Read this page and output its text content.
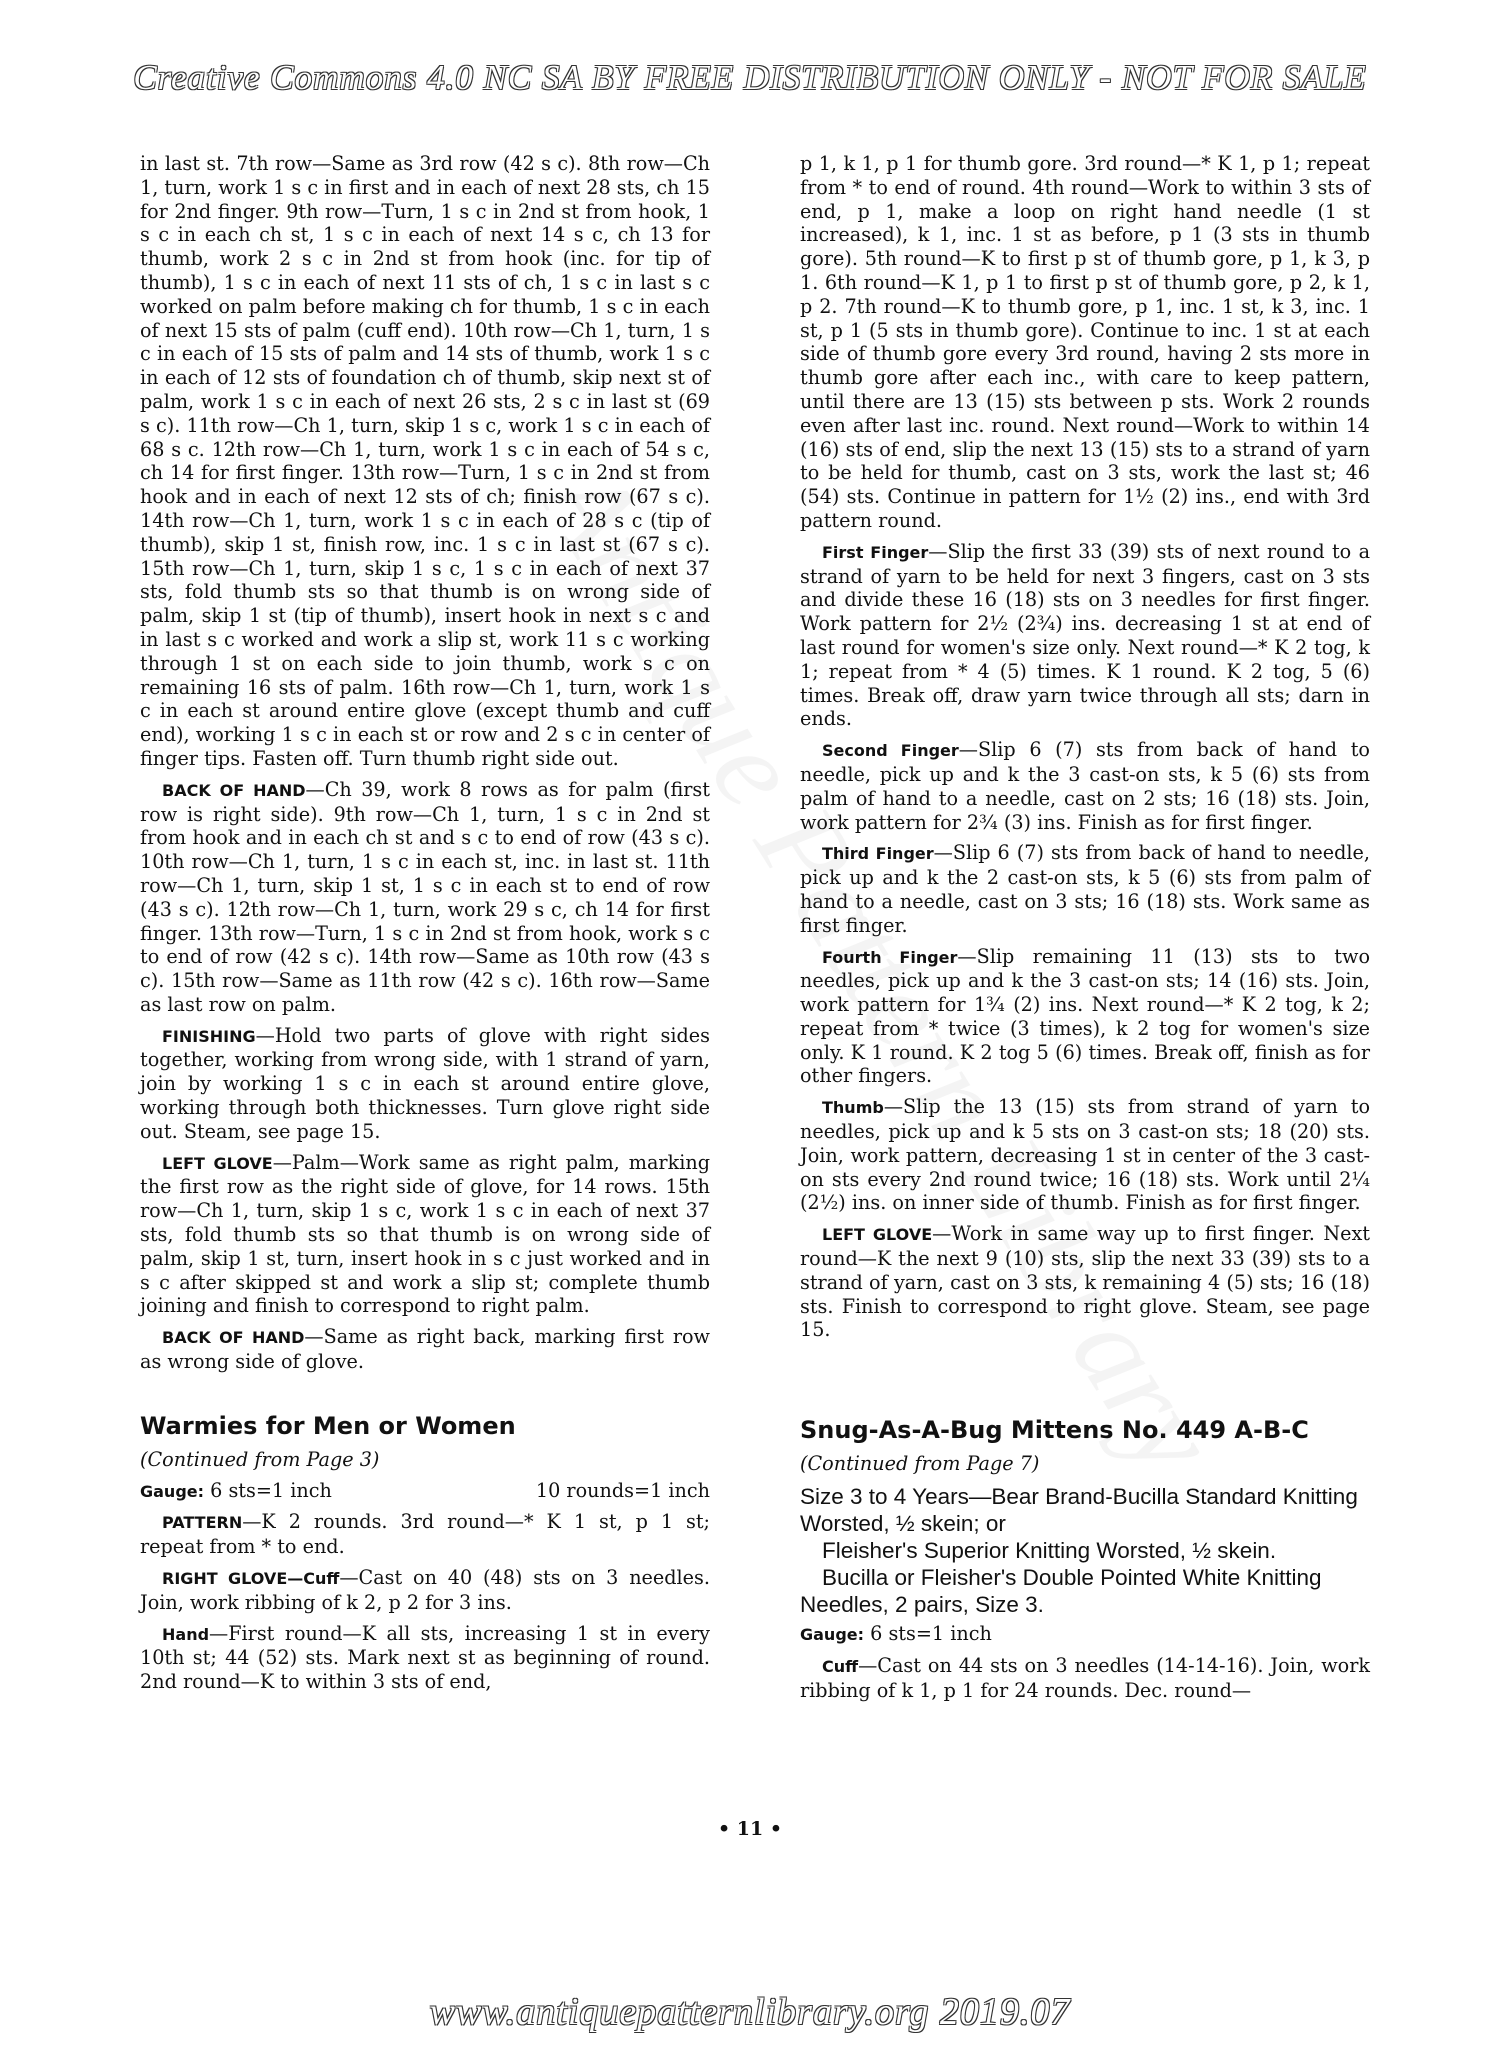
Creative Commons 4.0 NC SA BY FREE DISTRIBUTION ONLY - NOT FOR SALE

in last st. 7th row—Same as 3rd row (42 s c). 8th row—Ch 1, turn, work 1 s c in first and in each of next 28 sts, ch 15 for 2nd finger. 9th row—Turn, 1 s c in 2nd st from hook, 1 s c in each ch st, 1 s c in each of next 14 s c, ch 13 for thumb, work 2 s c in 2nd st from hook (inc. for tip of thumb), 1 s c in each of next 11 sts of ch, 1 s c in last s c worked on palm before making ch for thumb, 1 s c in each of next 15 sts of palm (cuff end). 10th row—Ch 1, turn, 1 s c in each of 15 sts of palm and 14 sts of thumb, work 1 s c in each of 12 sts of foundation ch of thumb, skip next st of palm, work 1 s c in each of next 26 sts, 2 s c in last st (69 s c). 11th row—Ch 1, turn, skip 1 s c, work 1 s c in each of 68 s c. 12th row—Ch 1, turn, work 1 s c in each of 54 s c, ch 14 for first finger. 13th row—Turn, 1 s c in 2nd st from hook and in each of next 12 sts of ch; finish row (67 s c). 14th row—Ch 1, turn, work 1 s c in each of 28 s c (tip of thumb), skip 1 st, finish row, inc. 1 s c in last st (67 s c). 15th row—Ch 1, turn, skip 1 s c, 1 s c in each of next 37 sts, fold thumb sts so that thumb is on wrong side of palm, skip 1 st (tip of thumb), insert hook in next s c and in last s c worked and work a slip st, work 11 s c working through 1 st on each side to join thumb, work s c on remaining 16 sts of palm. 16th row—Ch 1, turn, work 1 s c in each st around entire glove (except thumb and cuff end), working 1 s c in each st or row and 2 s c in center of finger tips. Fasten off. Turn thumb right side out.

BACK OF HAND—Ch 39, work 8 rows as for palm (first row is right side). 9th row—Ch 1, turn, 1 s c in 2nd st from hook and in each ch st and s c to end of row (43 s c). 10th row—Ch 1, turn, 1 s c in each st, inc. in last st. 11th row—Ch 1, turn, skip 1 st, 1 s c in each st to end of row (43 s c). 12th row—Ch 1, turn, work 29 s c, ch 14 for first finger. 13th row—Turn, 1 s c in 2nd st from hook, work s c to end of row (42 s c). 14th row—Same as 10th row (43 s c). 15th row—Same as 11th row (42 s c). 16th row—Same as last row on palm.

FINISHING—Hold two parts of glove with right sides together, working from wrong side, with 1 strand of yarn, join by working 1 s c in each st around entire glove, working through both thicknesses. Turn glove right side out. Steam, see page 15.

LEFT GLOVE—Palm—Work same as right palm, marking the first row as the right side of glove, for 14 rows. 15th row—Ch 1, turn, skip 1 s c, work 1 s c in each of next 37 sts, fold thumb sts so that thumb is on wrong side of palm, skip 1 st, turn, insert hook in s c just worked and in s c after skipped st and work a slip st; complete thumb joining and finish to correspond to right palm.

BACK OF HAND—Same as right back, marking first row as wrong side of glove.

Warmies for Men or Women

(Continued from Page 3)

Gauge: 6 sts=1 inch	10 rounds=1 inch

PATTERN—K 2 rounds. 3rd round—* K 1 st, p 1 st; repeat from * to end.

RIGHT GLOVE—Cuff—Cast on 40 (48) sts on 3 needles. Join, work ribbing of k 2, p 2 for 3 ins.

Hand—First round—K all sts, increasing 1 st in every 10th st; 44 (52) sts. Mark next st as beginning of round. 2nd round—K to within 3 sts of end,

p 1, k 1, p 1 for thumb gore. 3rd round—* K 1, p 1; repeat from * to end of round. 4th round—Work to within 3 sts of end, p 1, make a loop on right hand needle (1 st increased), k 1, inc. 1 st as before, p 1 (3 sts in thumb gore). 5th round—K to first p st of thumb gore, p 1, k 3, p 1. 6th round—K 1, p 1 to first p st of thumb gore, p 2, k 1, p 2. 7th round—K to thumb gore, p 1, inc. 1 st, k 3, inc. 1 st, p 1 (5 sts in thumb gore). Continue to inc. 1 st at each side of thumb gore every 3rd round, having 2 sts more in thumb gore after each inc., with care to keep pattern, until there are 13 (15) sts between p sts. Work 2 rounds even after last inc. round. Next round—Work to within 14 (16) sts of end, slip the next 13 (15) sts to a strand of yarn to be held for thumb, cast on 3 sts, work the last st; 46 (54) sts. Continue in pattern for 1½ (2) ins., end with 3rd pattern round.

First Finger—Slip the first 33 (39) sts of next round to a strand of yarn to be held for next 3 fingers, cast on 3 sts and divide these 16 (18) sts on 3 needles for first finger. Work pattern for 2½ (2¾) ins. decreasing 1 st at end of last round for women's size only. Next round—* K 2 tog, k 1; repeat from * 4 (5) times. K 1 round. K 2 tog, 5 (6) times. Break off, draw yarn twice through all sts; darn in ends.

Second Finger—Slip 6 (7) sts from back of hand to needle, pick up and k the 3 cast-on sts, k 5 (6) sts from palm of hand to a needle, cast on 2 sts; 16 (18) sts. Join, work pattern for 2¾ (3) ins. Finish as for first finger.

Third Finger—Slip 6 (7) sts from back of hand to needle, pick up and k the 2 cast-on sts, k 5 (6) sts from palm of hand to a needle, cast on 3 sts; 16 (18) sts. Work same as first finger.

Fourth Finger—Slip remaining 11 (13) sts to two needles, pick up and k the 3 cast-on sts; 14 (16) sts. Join, work pattern for 1¾ (2) ins. Next round—* K 2 tog, k 2; repeat from * twice (3 times), k 2 tog for women's size only. K 1 round. K 2 tog 5 (6) times. Break off, finish as for other fingers.

Thumb—Slip the 13 (15) sts from strand of yarn to needles, pick up and k 5 sts on 3 cast-on sts; 18 (20) sts. Join, work pattern, decreasing 1 st in center of the 3 cast-on sts every 2nd round twice; 16 (18) sts. Work until 2¼ (2½) ins. on inner side of thumb. Finish as for first finger.

LEFT GLOVE—Work in same way up to first finger. Next round—K the next 9 (10) sts, slip the next 33 (39) sts to a strand of yarn, cast on 3 sts, k remaining 4 (5) sts; 16 (18) sts. Finish to correspond to right glove. Steam, see page 15.

Snug-As-A-Bug Mittens No. 449 A-B-C

(Continued from Page 7)

Size 3 to 4 Years—Bear Brand-Bucilla Standard Knitting Worsted, ½ skein; or

Fleisher's Superior Knitting Worsted, ½ skein.

Bucilla or Fleisher's Double Pointed White Knitting Needles, 2 pairs, Size 3.

Gauge: 6 sts=1 inch

Cuff—Cast on 44 sts on 3 needles (14-14-16). Join, work ribbing of k 1, p 1 for 24 rounds. Dec. round—

• 11 •
www.antiquepatternlibrary.org 2019.07
